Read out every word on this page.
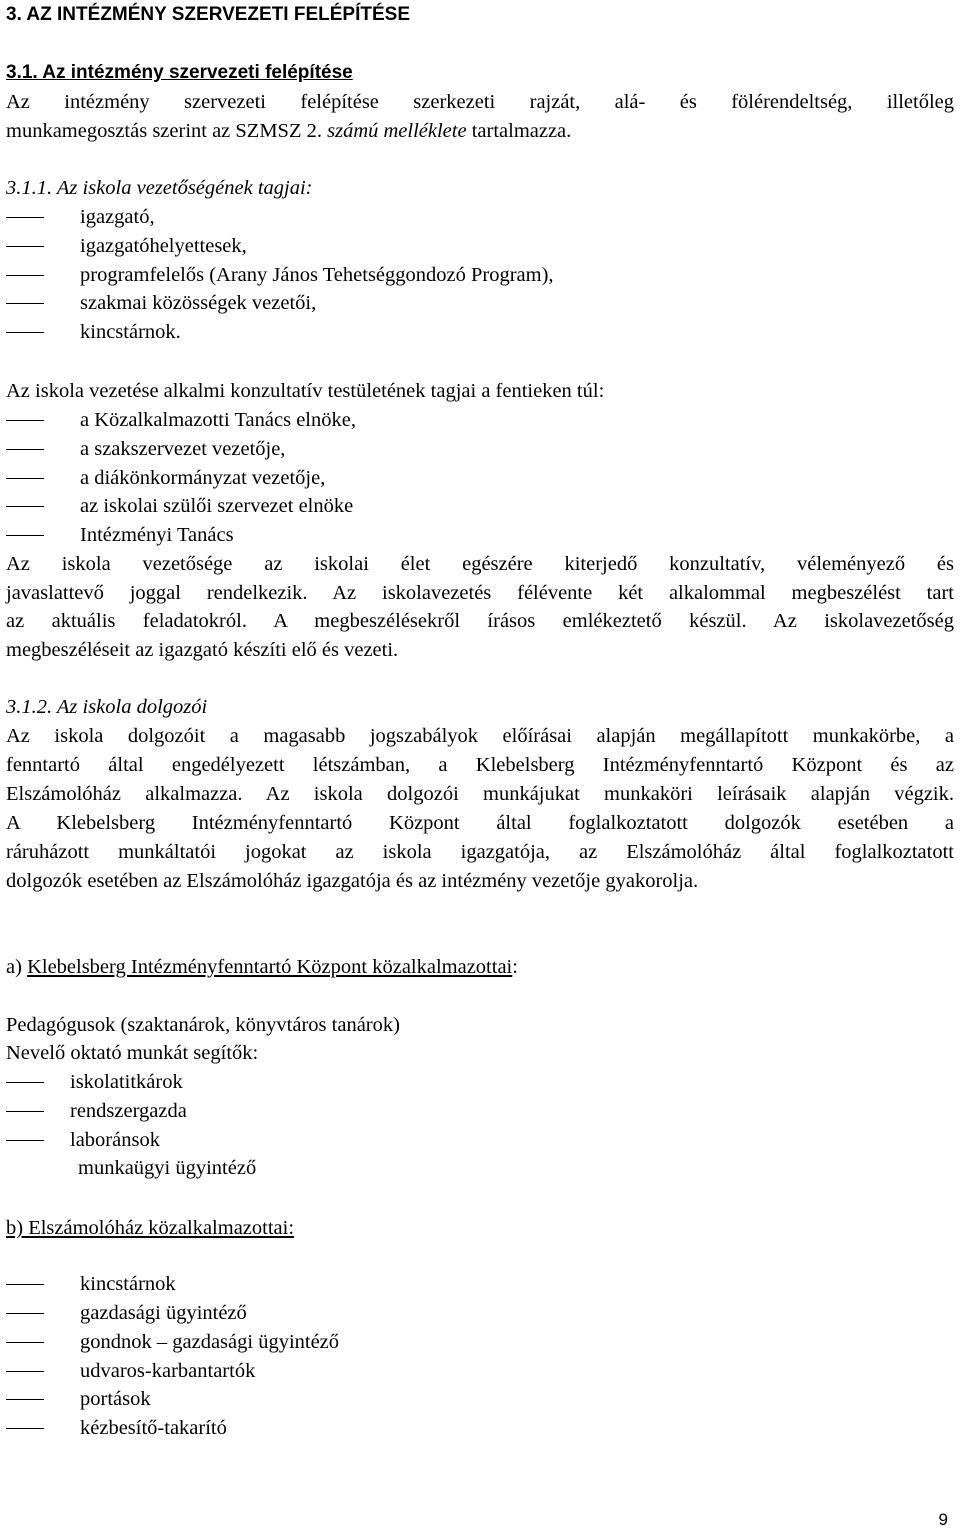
3. AZ INTÉZMÉNY SZERVEZETI FELÉPÍTÉSE
3.1. Az intézmény szervezeti felépítése
Az intézmény szervezeti felépítése szerkezeti rajzát, alá- és fölérendeltség, illetőleg
munkamegosztás szerint az SZMSZ 2. számú melléklete tartalmazza.
3.1.1. Az iskola vezetőségének tagjai:
igazgató,
igazgatóhelyettesek,
programfelelős (Arany János Tehetséggondozó Program),
szakmai közösségek vezetői,
kincstárnok.
Az iskola vezetése alkalmi konzultatív testületének tagjai a fentieken túl:
a Közalkalmazotti Tanács elnöke,
a szakszervezet vezetője,
a diákönkormányzat vezetője,
az iskolai szülői szervezet elnöke
Intézményi Tanács
Az iskola vezetősége az iskolai élet egészére kiterjedő konzultatív, véleményező és
javaslattevő joggal rendelkezik. Az iskolavezetés félévente két alkalommal megbeszélést tart
az aktuális feladatokról. A megbeszélésekről írásos emlékeztető készül. Az iskolavezetőség
megbeszéléseit az igazgató készíti elő és vezeti.
3.1.2. Az iskola dolgozói
Az iskola dolgozóit a magasabb jogszabályok előírásai alapján megállapított munkakörbe, a
fenntartó által engedélyezett létszámban, a Klebelsberg Intézményfenntartó Központ és az
Elszámolóház alkalmazza. Az iskola dolgozói munkájukat munkaköri leírásaik alapján végzik.
A Klebelsberg Intézményfenntartó Központ által foglalkoztatott dolgozók esetében a
ráruházott munkáltatói jogokat az iskola igazgatója, az Elszámolóház által foglalkoztatott
dolgozók esetében az Elszámolóház igazgatója és az intézmény vezetője gyakorolja.
a) Klebelsberg Intézményfenntartó Központ közalkalmazottai:
Pedagógusok (szaktanárok, könyvtáros tanárok)
Nevelő oktató munkát segítők:
iskolatitkárok
rendszergazda
laboránsok
munkaügyi ügyintéző
b) Elszámolóház közalkalmazottai:
kincstárnok
gazdasági ügyintéző
gondnok – gazdasági ügyintéző
udvaros-karbantartók
portások
kézbesítő-takarító
9
